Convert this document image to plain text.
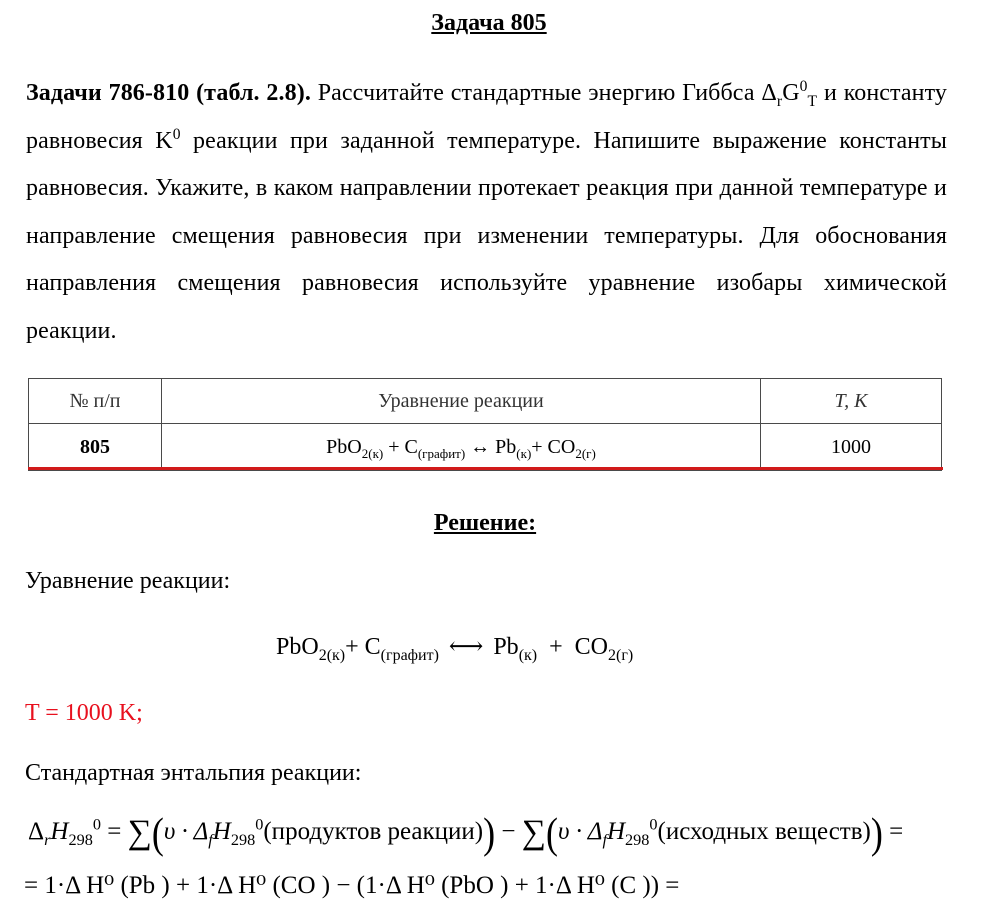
Задача 805
Задачи 786-810 (табл. 2.8). Рассчитайте стандартные энергию Гиббса $\Delta_rG^0_T$ и константу равновесия $K^0$ реакции при заданной температуре. Напишите выражение константы равновесия. Укажите, в каком направлении протекает реакция при данной температуре и направление смещения равновесия при изменении температуры. Для обоснования направления смещения равновесия используйте уравнение изобары химической реакции.
№ п/п	Уравнение реакции	T, K
805	$PbO_{2(к)} + C_{(графит)}$ ↔ $Pb_{(к)}+ CO_{2(г)}$	1000
Решение:
Уравнение реакции:
$PbO_{2(к)}+ C_{(графит)}$ ⟷ $Pb_{(к)} + CO_{2(г)}$
T = 1000 K;
Стандартная энтальпия реакции:
$\Delta_rH_{298}^0 = \sum(\upsilon$ · $\Delta_fH_{298}^0(продуктов$ реакции)) − $\sum(\upsilon \cdot \Delta_fH_{298}^0(исходных$ веществ)) =
= 1·Δ H⁰ (Pb ) + 1·Δ H⁰ (CO ) − (1·Δ H⁰ (PbO ) + 1·Δ H⁰ (C )) =
